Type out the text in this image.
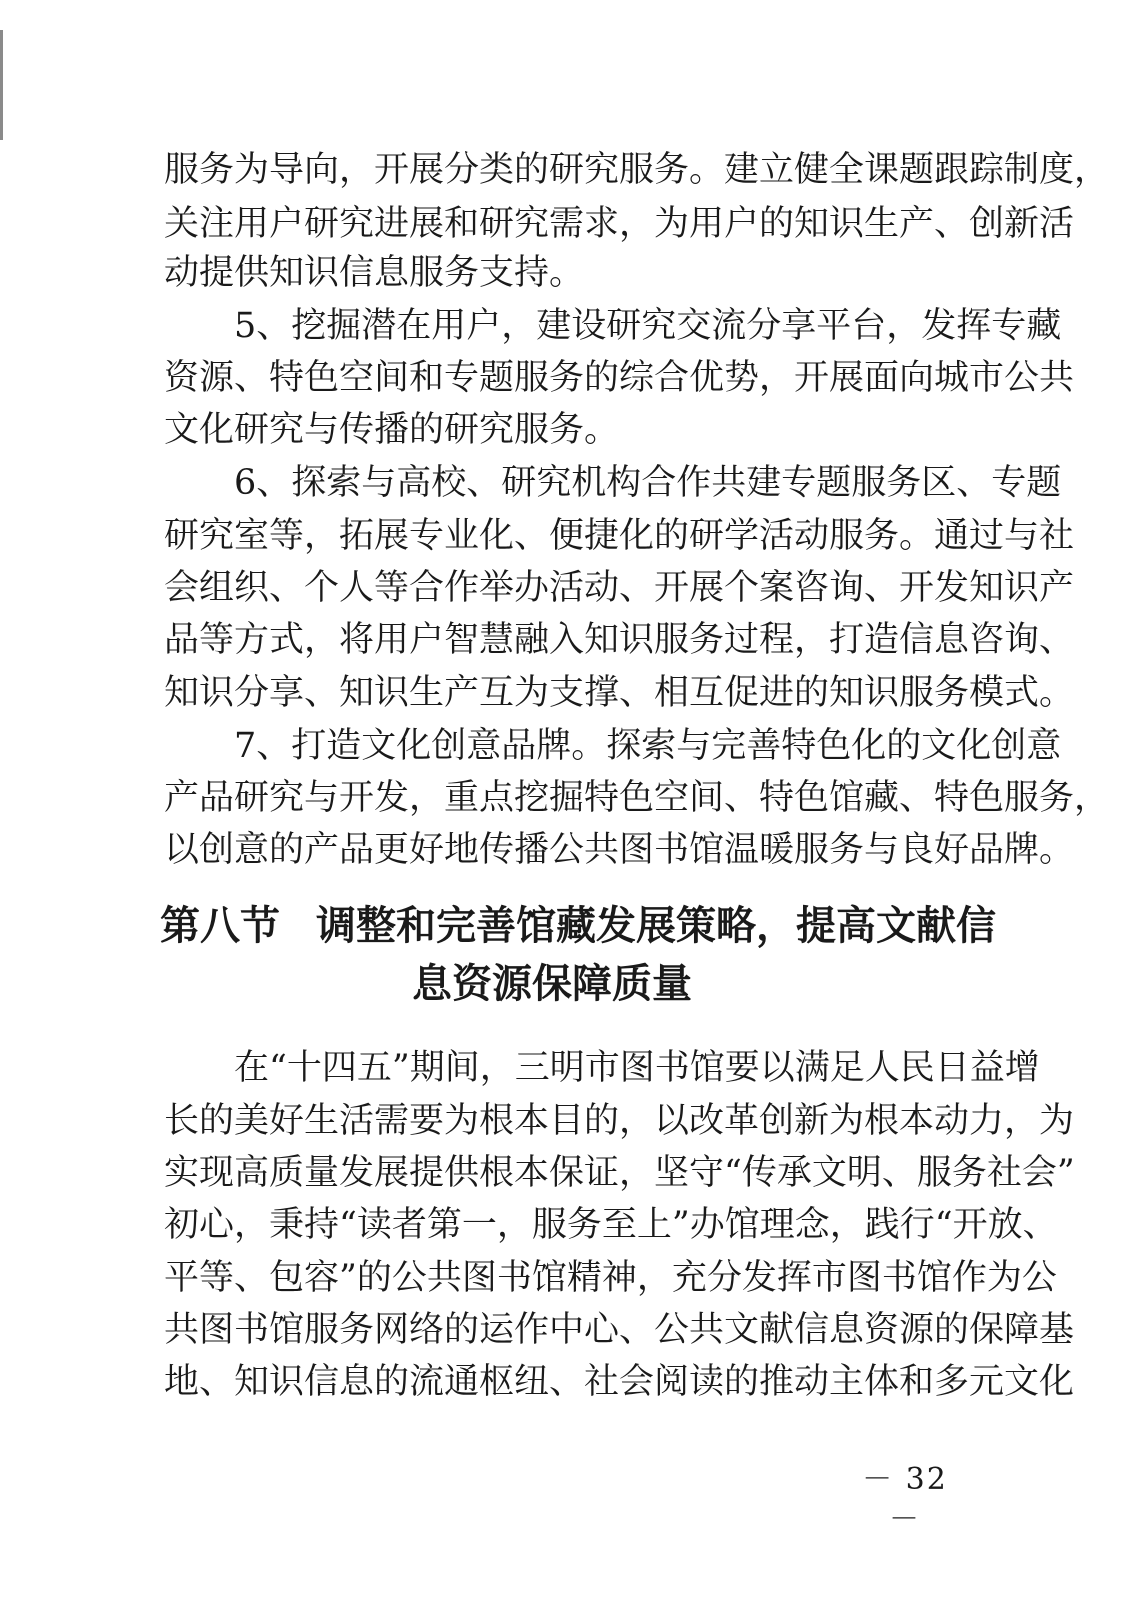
服务为导向，开展分类的研究服务。建立健全课题跟踪制度，
关注用户研究进展和研究需求，为用户的知识生产、创新活
动提供知识信息服务支持。
5、挖掘潜在用户，建设研究交流分享平台，发挥专藏
资源、特色空间和专题服务的综合优势，开展面向城市公共
文化研究与传播的研究服务。
6、探索与高校、研究机构合作共建专题服务区、专题
研究室等，拓展专业化、便捷化的研学活动服务。通过与社
会组织、个人等合作举办活动、开展个案咨询、开发知识产
品等方式，将用户智慧融入知识服务过程，打造信息咨询、
知识分享、知识生产互为支撑、相互促进的知识服务模式。
7、打造文化创意品牌。探索与完善特色化的文化创意
产品研究与开发，重点挖掘特色空间、特色馆藏、特色服务，
以创意的产品更好地传播公共图书馆温暖服务与良好品牌。
第八节 调整和完善馆藏发展策略，提高文献信
息资源保障质量
在“十四五”期间，三明市图书馆要以满足人民日益增
长的美好生活需要为根本目的，以改革创新为根本动力，为
实现高质量发展提供根本保证，坚守“传承文明、服务社会”
初心，秉持“读者第一，服务至上”办馆理念，践行“开放、
平等、包容”的公共图书馆精神，充分发挥市图书馆作为公
共图书馆服务网络的运作中心、公共文献信息资源的保障基
地、知识信息的流通枢纽、社会阅读的推动主体和多元文化
－ 32 －
